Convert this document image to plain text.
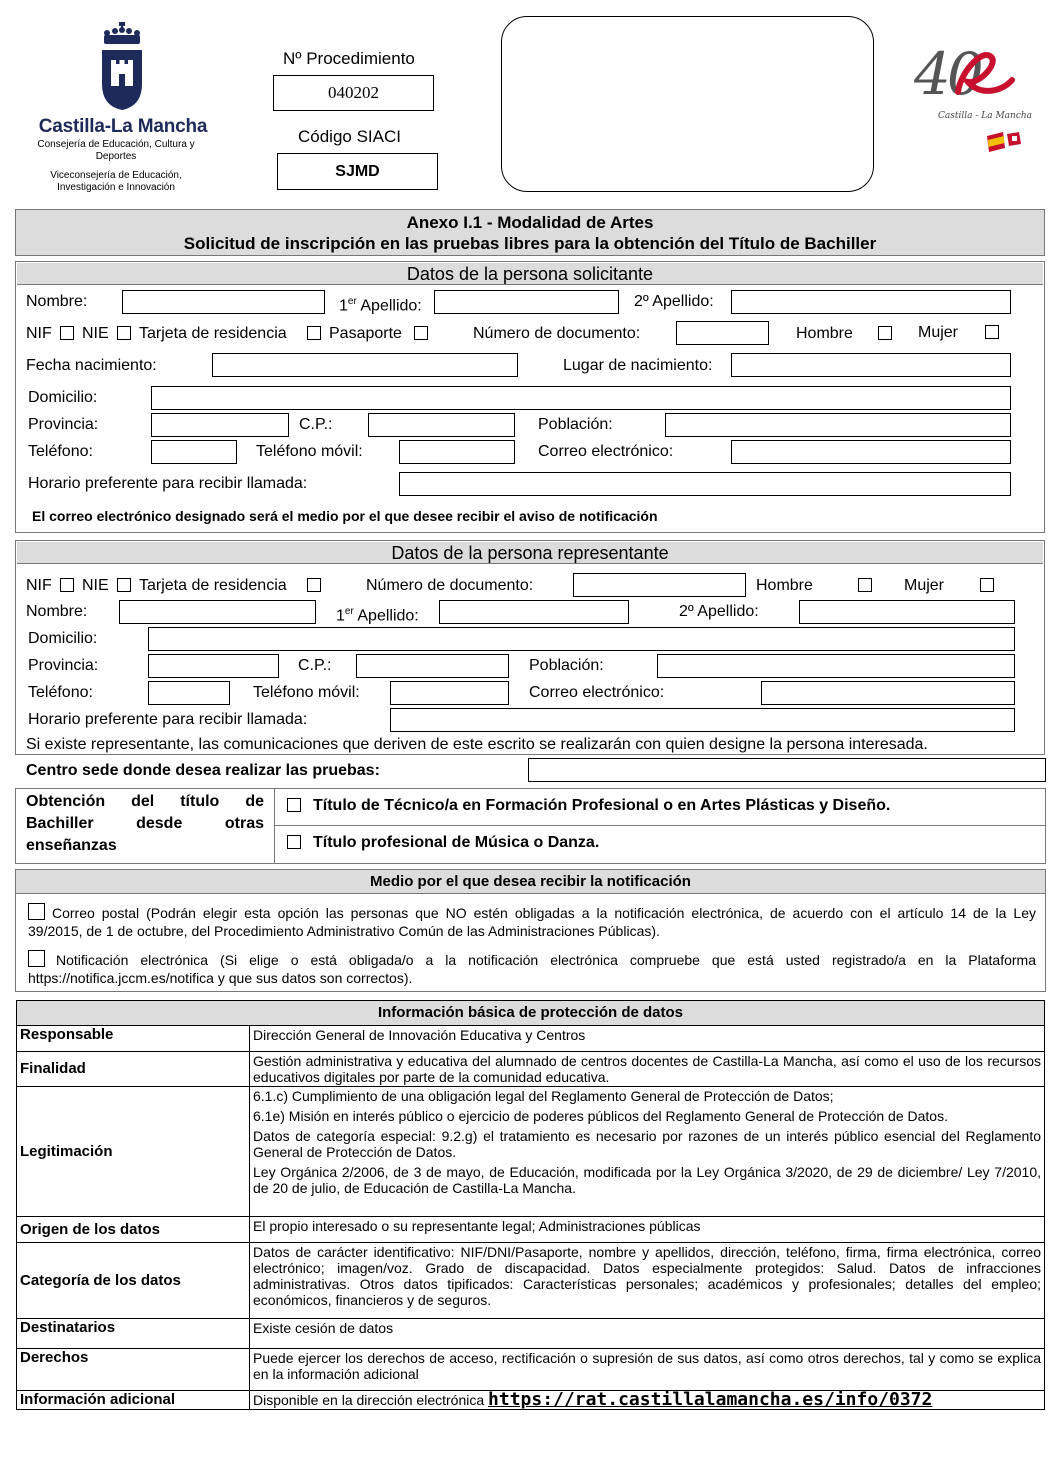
Castilla-La Mancha
Consejería de Educación, Cultura y Deportes
Viceconsejería de Educación, Investigación e Innovación
Nº Procedimiento
040202
Código SIACI
SJMD
40
Castilla - La Mancha
Anexo I.1 - Modalidad de Artes
Solicitud de inscripción en las pruebas libres para la obtención del Título de Bachiller
Datos de la persona solicitante
Nombre:	1er Apellido:	2º Apellido:
NIF NIE Tarjeta de residencia	Pasaporte	Número de documento:	Hombre	Mujer
Fecha nacimiento:	Lugar de nacimiento:
Domicilio:
Provincia:	C.P.:	Población:
Teléfono:	Teléfono móvil:	Correo electrónico:
Horario preferente para recibir llamada:
El correo electrónico designado será el medio por el que desee recibir el aviso de notificación
Datos de la persona representante
NIF NIE Tarjeta de residencia	Número de documento:	Hombre	Mujer
Nombre:	1er Apellido:	2º Apellido:
Domicilio:
Provincia:	C.P.:	Población:
Teléfono:	Teléfono móvil:	Correo electrónico:
Horario preferente para recibir llamada:
Si existe representante, las comunicaciones que deriven de este escrito se realizarán con quien designe la persona interesada.
Centro sede donde desea realizar las pruebas:
Obtención del título de
Bachiller desde otras
enseñanzas
Título de Técnico/a en Formación Profesional o en Artes Plásticas y Diseño.
Título profesional de Música o Danza.
Medio por el que desea recibir la notificación
Correo postal (Podrán elegir esta opción las personas que NO estén obligadas a la notificación electrónica, de acuerdo con el artículo 14 de la Ley
39/2015, de 1 de octubre, del Procedimiento Administrativo Común de las Administraciones Públicas).
Notificación electrónica (Si elige o está obligada/o a la notificación electrónica compruebe que está usted registrado/a en la Plataforma
https://notifica.jccm.es/notifica y que sus datos son correctos).
Información básica de protección de datos	
Responsable	Dirección General de Innovación Educativa y Centros

Finalidad	Gestión administrativa y educativa del alumnado de centros docentes de Castilla-La Mancha, así como el uso de los recursos educativos digitales por parte de la comunidad educativa.

Legitimación	6.1.c) Cumplimiento de una obligación legal del Reglamento General de Protección de Datos;
6.1e) Misión en interés público o ejercicio de poderes públicos del Reglamento General de Protección de Datos.
Datos de categoría especial: 9.2.g) el tratamiento es necesario por razones de un interés público esencial del Reglamento General de Protección de Datos.
Ley Orgánica 2/2006, de 3 de mayo, de Educación, modificada por la Ley Orgánica 3/2020, de 29 de diciembre/ Ley 7/2010, de 20 de julio, de Educación de Castilla-La Mancha.

Origen de los datos	El propio interesado o su representante legal; Administraciones públicas

Categoría de los datos	Datos de carácter identificativo: NIF/DNI/Pasaporte, nombre y apellidos, dirección, teléfono, firma, firma electrónica, correo electrónico; imagen/voz. Grado de discapacidad. Datos especialmente protegidos: Salud. Datos de infracciones administrativas. Otros datos tipificados: Características personales; académicos y profesionales; detalles del empleo; económicos, financieros y de seguros.

Destinatarios	Existe cesión de datos

Derechos	Puede ejercer los derechos de acceso, rectificación o supresión de sus datos, así como otros derechos, tal y como se explica en la información adicional

Información adicional	Disponible en la dirección electrónica https://rat.castillalamancha.es/info/0372
